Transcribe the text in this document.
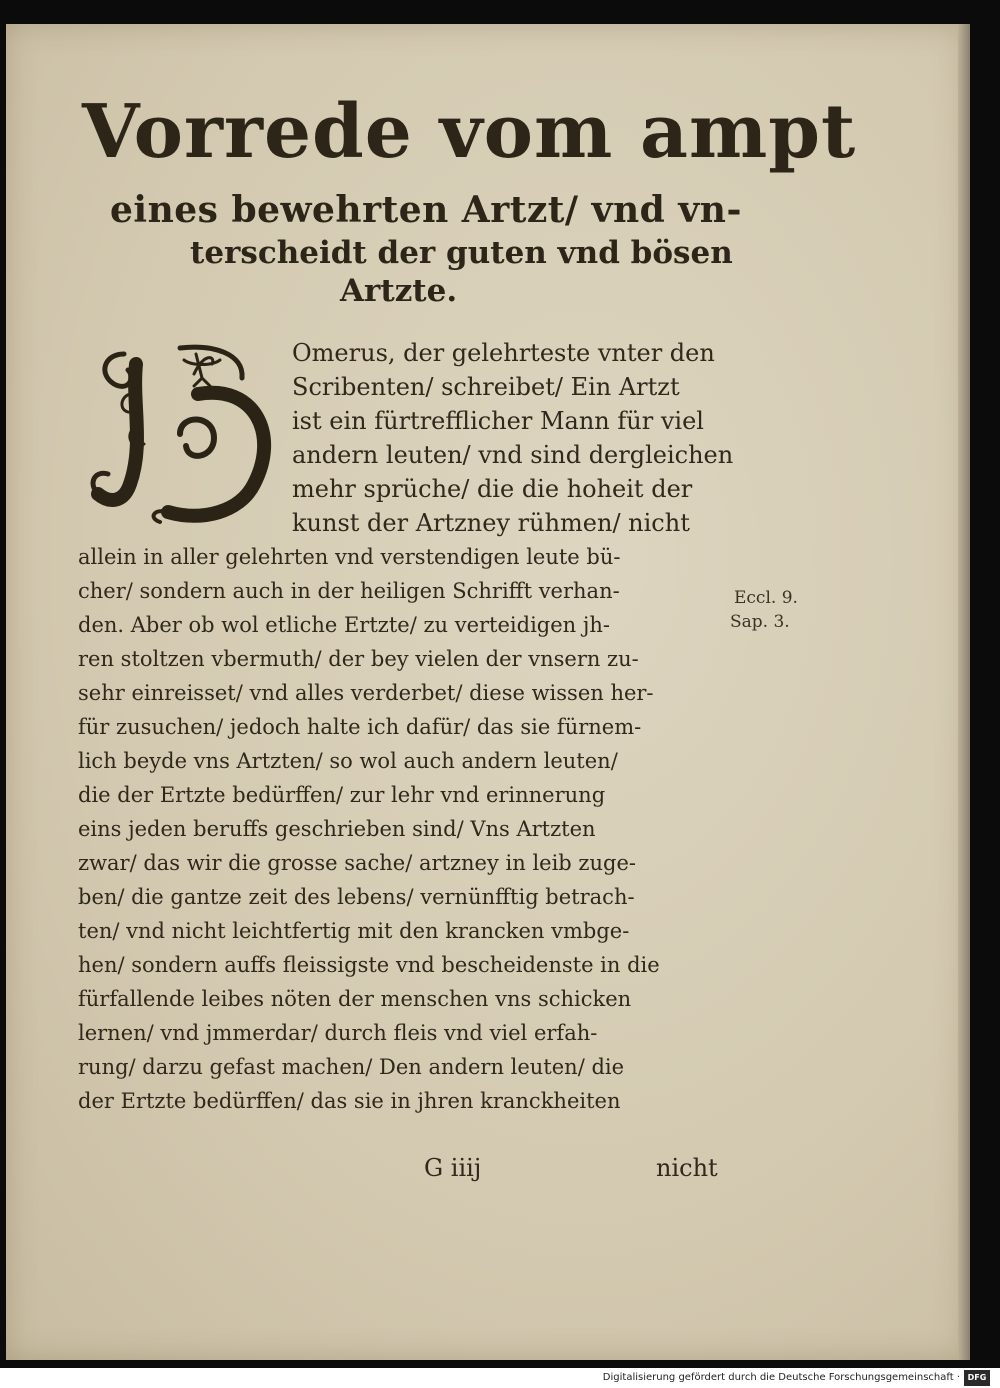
Vorrede vom ampt
eines bewehrten Artzt/ vnd vn-
terscheidt der guten vnd bösen
Artzte.

Omerus, der gelehrteste vnter den

Scribenten/ schreibet/ Ein Artzt

ist ein fürtrefflicher Mann für viel

andern leuten/ vnd sind dergleichen

mehr sprüche/ die die hoheit der

kunst der Artzney rühmen/ nicht

allein in aller gelehrten vnd verstendigen leute bü-

cher/ sondern auch in der heiligen Schrifft verhan-

den. Aber ob wol etliche Ertzte/ zu verteidigen jh-

ren stoltzen vbermuth/ der bey vielen der vnsern zu-

sehr einreisset/ vnd alles verderbet/ diese wissen her-

für zusuchen/ jedoch halte ich dafür/ das sie fürnem-

lich beyde vns Artzten/ so wol auch andern leuten/

die der Ertzte bedürffen/ zur lehr vnd erinnerung

eins jeden beruffs geschrieben sind/ Vns Artzten

zwar/ das wir die grosse sache/ artzney in leib zuge-

ben/ die gantze zeit des lebens/ vernünfftig betrach-

ten/ vnd nicht leichtfertig mit den krancken vmbge-

hen/ sondern auffs fleissigste vnd bescheidenste in die

fürfallende leibes nöten der menschen vns schicken

lernen/ vnd jmmerdar/ durch fleis vnd viel erfah-

rung/ darzu gefast machen/ Den andern leuten/ die

der Ertzte bedürffen/ das sie in jhren kranckheiten

Eccl. 9.
Sap. 3.
G iiij	nicht
Digitalisierung gefördert durch die Deutsche Forschungsgemeinschaft · DFG
